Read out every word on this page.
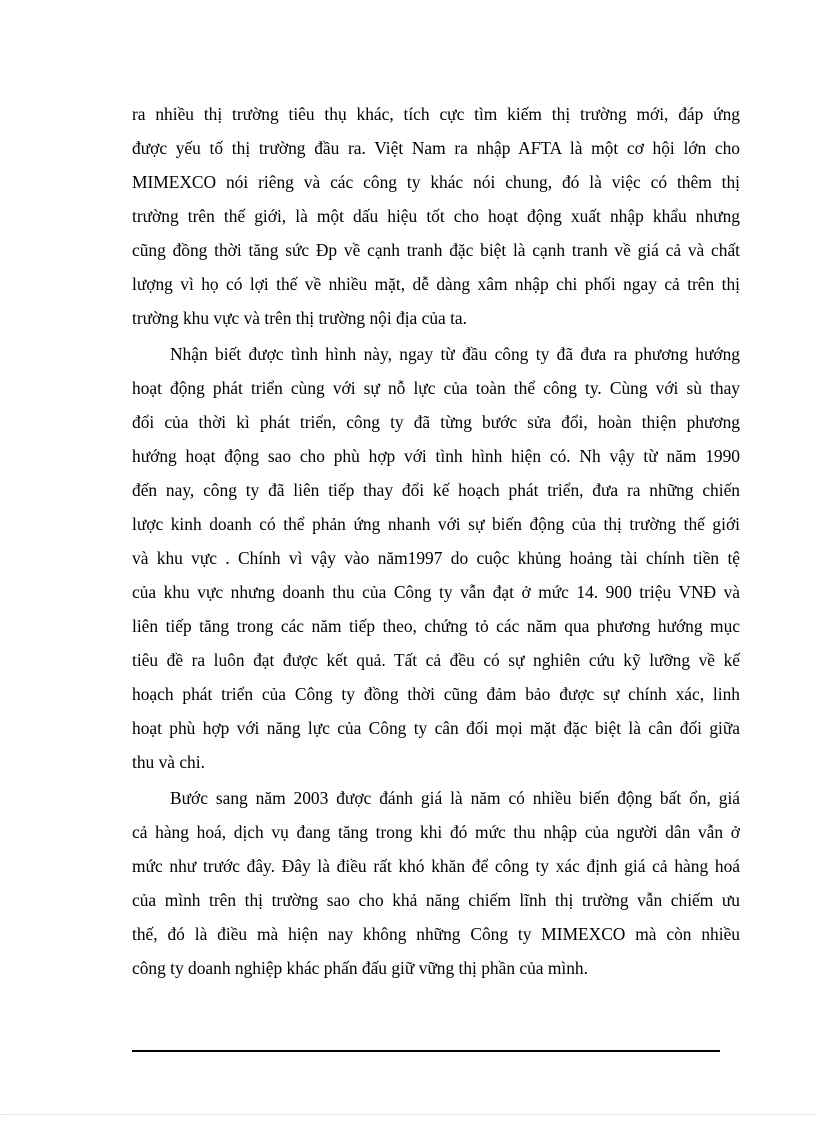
ra nhiều thị trường tiêu thụ khác, tích cực tìm kiếm thị trường mới, đáp ứng
được yếu tố thị trường đầu ra. Việt Nam ra nhập AFTA là một cơ hội lớn cho
MIMEXCO nói riêng và các công ty khác nói chung, đó là việc có thêm thị
trường trên thế giới, là một dấu hiệu tốt cho hoạt động xuất nhập khẩu nhưng
cũng đồng thời tăng sức Đp về cạnh tranh đặc biệt là cạnh tranh về giá cả và chất
lượng vì họ có lợi thế về nhiều mặt, dễ dàng xâm nhập chi phối ngay cả trên thị
trường khu vực và trên thị trường nội địa của ta.
Nhận biết được tình hình này, ngay từ đầu công ty đã đưa ra phương hướng
hoạt động phát triển cùng với sự nỗ lực của toàn thể công ty. Cùng với sù thay
đổi của thời kì phát triển, công ty đã từng bước sửa đổi, hoàn thiện phương
hướng hoạt động sao cho phù hợp với tình hình hiện có. Nh vậy từ năm 1990
đến nay, công ty đã liên tiếp thay đổi kế hoạch phát triển, đưa ra những chiến
lược kinh doanh có thể phản ứng nhanh với sự biến động của thị trường thế giới
và khu vực . Chính vì vậy vào năm1997 do cuộc khủng hoảng tài chính tiền tệ
của khu vực nhưng doanh thu của Công ty vẫn đạt ở mức 14. 900 triệu VNĐ và
liên tiếp tăng trong các năm tiếp theo, chứng tỏ các năm qua phương hướng mục
tiêu đề ra luôn đạt được kết quả. Tất cả đều có sự nghiên cứu kỹ lưỡng về kế
hoạch phát triển của Công ty đồng thời cũng đảm bảo được sự chính xác, linh
hoạt phù hợp với năng lực của Công ty cân đối mọi mặt đặc biệt là cân đối giữa
thu và chi.
Bước sang năm 2003 được đánh giá là năm có nhiều biến động bất ổn, giá
cả hàng hoá, dịch vụ đang tăng trong khi đó mức thu nhập của người dân vẫn ở
mức như trước đây. Đây là điều rất khó khăn để công ty xác định giá cả hàng hoá
của mình trên thị trường sao cho khả năng chiếm lĩnh thị trường vẫn chiếm ưu
thế, đó là điều mà hiện nay không những Công ty MIMEXCO mà còn nhiều
công ty doanh nghiệp khác phấn đấu giữ vững thị phần của mình.
